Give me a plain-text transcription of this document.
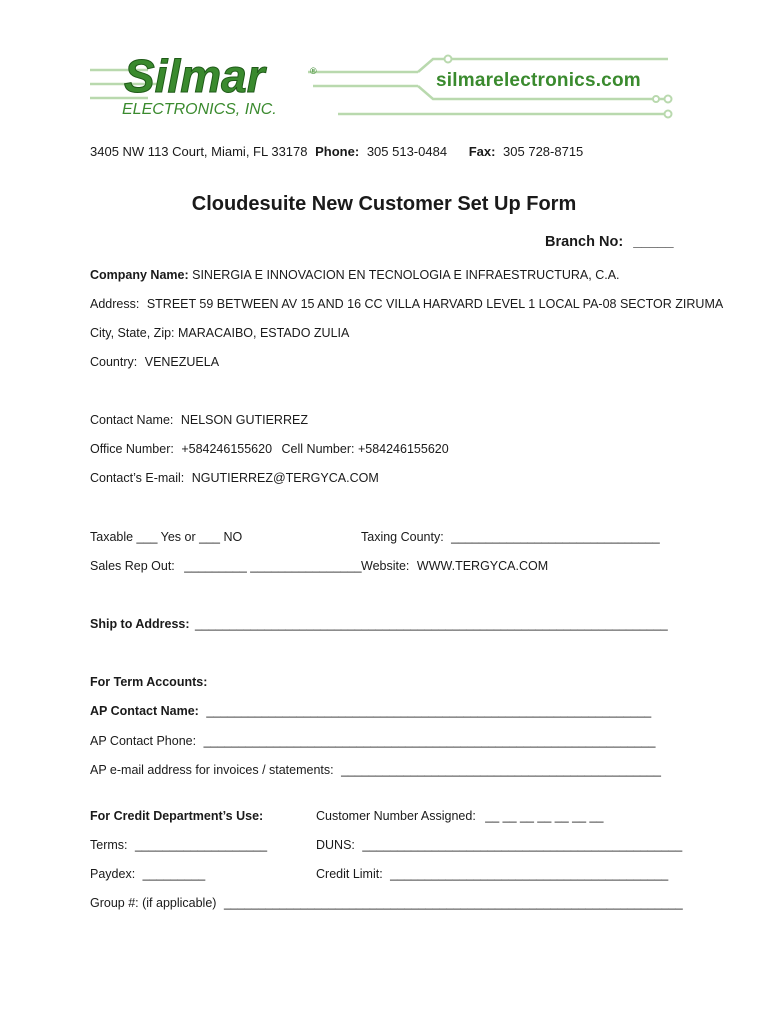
Silmar	®
ELECTRONICS, INC.
silmarelectronics.com
3405 NW 113 Court, Miami, FL 33178 Phone: 305 513-0484 Fax: 305 728-8715
Cloudesuite New Customer Set Up Form
Branch No: _____
Company Name: SINERGIA E INNOVACION EN TECNOLOGIA E INFRAESTRUCTURA, C.A.
Address: STREET 59 BETWEEN AV 15 AND 16 CC VILLA HARVARD LEVEL 1 LOCAL PA-08 SECTOR ZIRUMA
City, State, Zip: MARACAIBO, ESTADO ZULIA
Country: VENEZUELA
Contact Name: NELSON GUTIERREZ
Office Number: +584246155620 Cell Number: +584246155620
Contact’s E-mail: NGUTIERREZ@TERGYCA.COM
Taxable ___ Yes or ___ NO	Taxing County: ______________________________
Sales Rep Out: _________ ________________ Website: WWW.TERGYCA.COM
Ship to Address: ____________________________________________________________________
For Term Accounts:
AP Contact Name: ________________________________________________________________
AP Contact Phone: _________________________________________________________________
AP e-mail address for invoices / statements: ______________________________________________
For Credit Department’s Use:	Customer Number Assigned: __ __ __ __ __ __ __
Terms: ___________________	DUNS: ______________________________________________
Paydex: _________	Credit Limit: ________________________________________
Group #: (if applicable) __________________________________________________________________
